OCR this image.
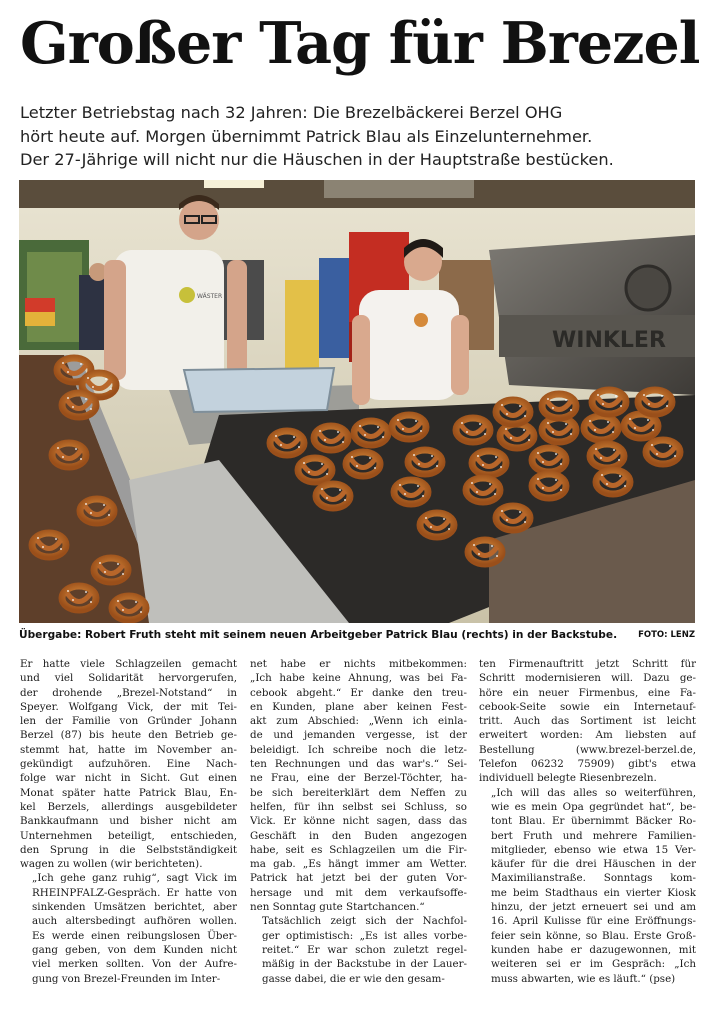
Großer Tag für Brezel
Letzter Betriebstag nach 32 Jahren: Die Brezelbäckerei Berzel OHG
hört heute auf. Morgen übernimmt Patrick Blau als Einzelunternehmer.
Der 27-Jährige will nicht nur die Häuschen in der Hauptstraße bestücken.
WINKLER
WÄSTER
Übergabe: Robert Fruth steht mit seinem neuen Arbeitgeber Patrick Blau (rechts) in der Backstube. FOTO: LENZ

Er hatte viele Schlagzeilen gemacht
und viel Solidarität hervorgerufen,
der drohende „Brezel-Notstand“ in
Speyer. Wolfgang Vick, der mit Tei-
len der Familie von Gründer Johann
Berzel (87) bis heute den Betrieb ge-
stemmt hat, hatte im November an-
gekündigt aufzuhören. Eine Nach-
folge war nicht in Sicht. Gut einen
Monat später hatte Patrick Blau, En-
kel Berzels, allerdings ausgebildeter
Bankkaufmann und bisher nicht am
Unternehmen beteiligt, entschieden,
den Sprung in die Selbstständigkeit
wagen zu wollen (wir berichteten).

„Ich gehe ganz ruhig“, sagt Vick im
RHEINPFALZ-Gespräch. Er hatte von
sinkenden Umsätzen berichtet, aber
auch altersbedingt aufhören wollen.
Es werde einen reibungslosen Über-
gang geben, von dem Kunden nicht
viel merken sollten. Von der Aufre-
gung von Brezel-Freunden im Inter-

net habe er nichts mitbekommen:
„Ich habe keine Ahnung, was bei Fa-
cebook abgeht.“ Er danke den treu-
en Kunden, plane aber keinen Fest-
akt zum Abschied: „Wenn ich einla-
de und jemanden vergesse, ist der
beleidigt. Ich schreibe noch die letz-
ten Rechnungen und das war's.“ Sei-
ne Frau, eine der Berzel-Töchter, ha-
be sich bereiterklärt dem Neffen zu
helfen, für ihn selbst sei Schluss, so
Vick. Er könne nicht sagen, dass das
Geschäft in den Buden angezogen
habe, seit es Schlagzeilen um die Fir-
ma gab. „Es hängt immer am Wetter.
Patrick hat jetzt bei der guten Vor-
hersage und mit dem verkaufsoffe-
nen Sonntag gute Startchancen.“

Tatsächlich zeigt sich der Nachfol-
ger optimistisch: „Es ist alles vorbe-
reitet.“ Er war schon zuletzt regel-
mäßig in der Backstube in der Lauer-
gasse dabei, die er wie den gesam-

ten Firmenauftritt jetzt Schritt für
Schritt modernisieren will. Dazu ge-
höre ein neuer Firmenbus, eine Fa-
cebook-Seite sowie ein Internetauf-
tritt. Auch das Sortiment ist leicht
erweitert worden: Am liebsten auf
Bestellung (www.brezel-berzel.de,
Telefon 06232 75909) gibt's etwa
individuell belegte Riesenbrezeln.

„Ich will das alles so weiterführen,
wie es mein Opa gegründet hat“, be-
tont Blau. Er übernimmt Bäcker Ro-
bert Fruth und mehrere Familien-
mitglieder, ebenso wie etwa 15 Ver-
käufer für die drei Häuschen in der
Maximilianstraße. Sonntags kom-
me beim Stadthaus ein vierter Kiosk
hinzu, der jetzt erneuert sei und am
16. April Kulisse für eine Eröffnungs-
feier sein könne, so Blau. Erste Groß-
kunden habe er dazugewonnen, mit
weiteren sei er im Gespräch: „Ich
muss abwarten, wie es läuft.“ (pse)
